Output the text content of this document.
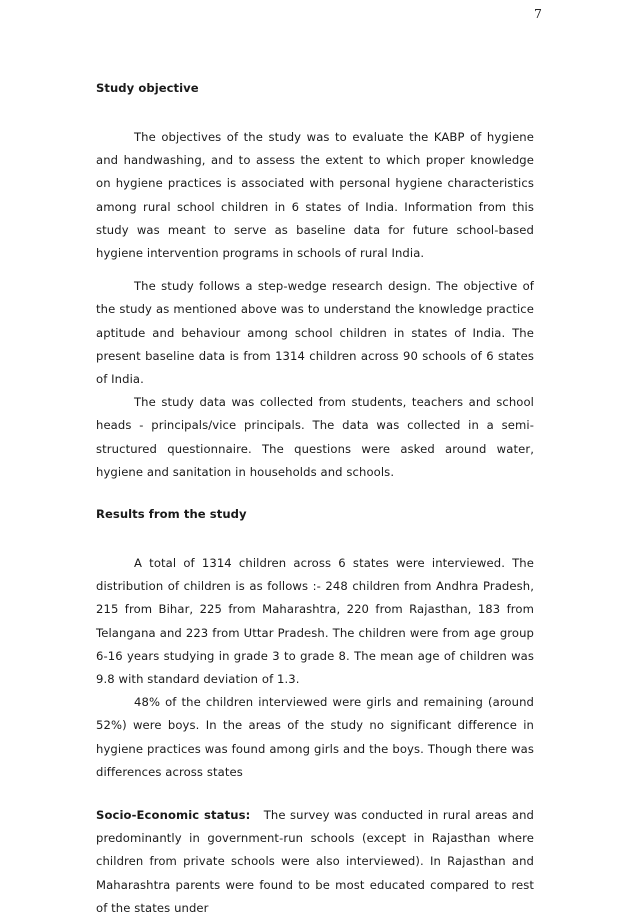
7
Study objective

The objectives of the study was to evaluate the KABP of hygiene and handwashing, and to assess the extent to which proper knowledge on hygiene practices is associated with personal hygiene characteristics among rural school children in 6 states of India. Information from this study was meant to serve as baseline data for future school-based hygiene intervention programs in schools of rural India.

The study follows a step-wedge research design. The objective of the study as mentioned above was to understand the knowledge practice aptitude and behaviour among school children in states of India. The present baseline data is from 1314 children across 90 schools of 6 states of India.

The study data was collected from students, teachers and school heads - principals/vice principals. The data was collected in a semi-structured questionnaire. The questions were asked around water, hygiene and sanitation in households and schools.

Results from the study

A total of 1314 children across 6 states were interviewed. The distribution of children is as follows :- 248 children from Andhra Pradesh, 215 from Bihar, 225 from Maharashtra, 220 from Rajasthan, 183 from Telangana and 223 from Uttar Pradesh. The children were from age group 6-16 years studying in grade 3 to grade 8. The mean age of children was 9.8 with standard deviation of 1.3.

48% of the children interviewed were girls and remaining (around 52%) were boys. In the areas of the study no significant difference in hygiene practices was found among girls and the boys. Though there was differences across states

Socio-Economic status: The survey was conducted in rural areas and predominantly in government-run schools (except in Rajasthan where children from private schools were also interviewed). In Rajasthan and Maharashtra parents were found to be most educated compared to rest of the states under
